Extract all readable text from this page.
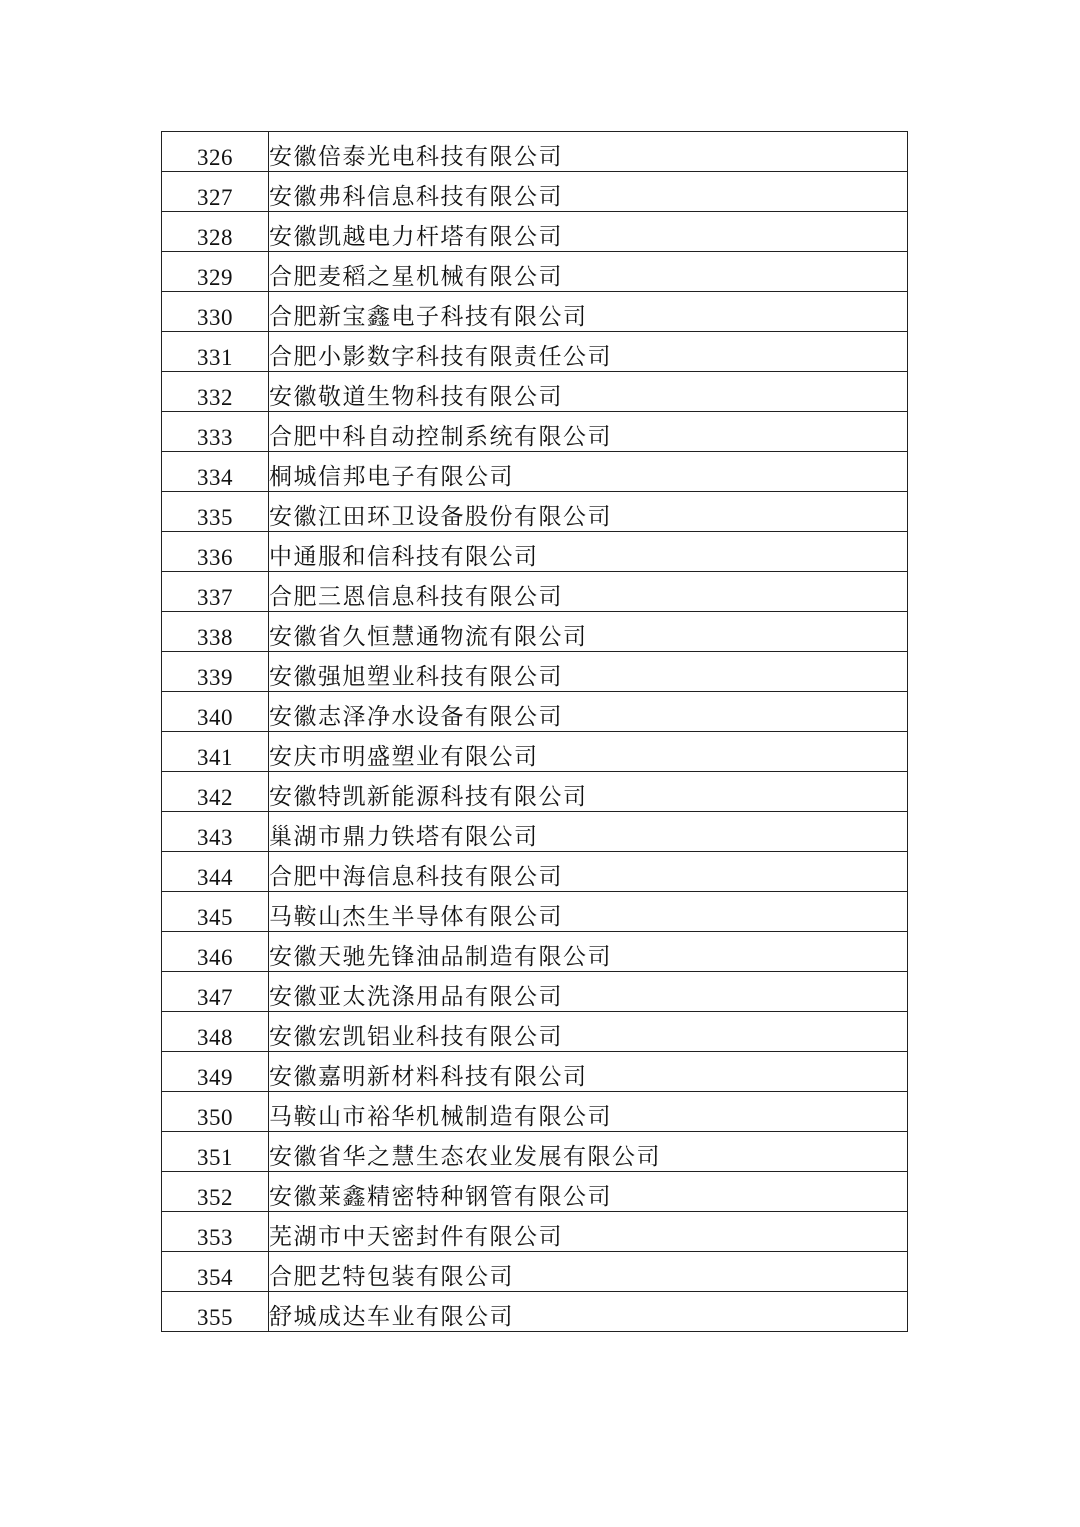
326	安徽倍泰光电科技有限公司
327	安徽弗科信息科技有限公司
328	安徽凯越电力杆塔有限公司
329	合肥麦稻之星机械有限公司
330	合肥新宝鑫电子科技有限公司
331	合肥小影数字科技有限责任公司
332	安徽敬道生物科技有限公司
333	合肥中科自动控制系统有限公司
334	桐城信邦电子有限公司
335	安徽江田环卫设备股份有限公司
336	中通服和信科技有限公司
337	合肥三恩信息科技有限公司
338	安徽省久恒慧通物流有限公司
339	安徽强旭塑业科技有限公司
340	安徽志泽净水设备有限公司
341	安庆市明盛塑业有限公司
342	安徽特凯新能源科技有限公司
343	巢湖市鼎力铁塔有限公司
344	合肥中海信息科技有限公司
345	马鞍山杰生半导体有限公司
346	安徽天驰先锋油品制造有限公司
347	安徽亚太洗涤用品有限公司
348	安徽宏凯铝业科技有限公司
349	安徽嘉明新材料科技有限公司
350	马鞍山市裕华机械制造有限公司
351	安徽省华之慧生态农业发展有限公司
352	安徽莱鑫精密特种钢管有限公司
353	芜湖市中天密封件有限公司
354	合肥艺特包装有限公司
355	舒城成达车业有限公司
